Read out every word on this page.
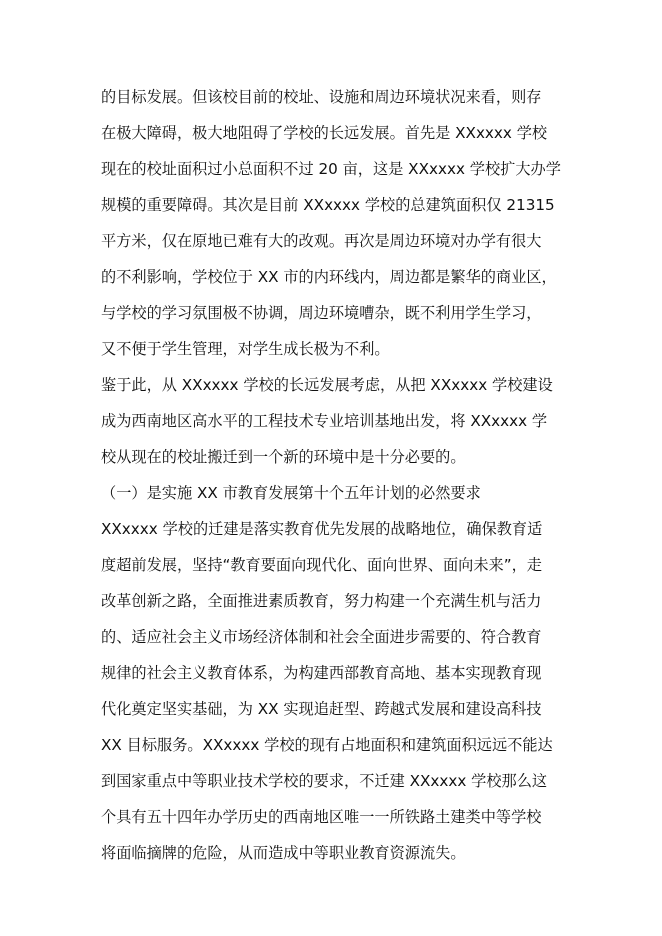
的目标发展。但该校目前的校址、设施和周边环境状况来看，则存
在极大障碍，极大地阻碍了学校的长远发展。首先是 XXxxxx 学校
现在的校址面积过小总面积不过 20 亩，这是 XXxxxx 学校扩大办学
规模的重要障碍。其次是目前 XXxxxx 学校的总建筑面积仅 21315
平方米，仅在原地已难有大的改观。再次是周边环境对办学有很大
的不利影响，学校位于 XX 市的内环线内，周边都是繁华的商业区，
与学校的学习氛围极不协调，周边环境嘈杂，既不利用学生学习，
又不便于学生管理，对学生成长极为不利。
鉴于此，从 XXxxxx 学校的长远发展考虑，从把 XXxxxx 学校建设
成为西南地区高水平的工程技术专业培训基地出发，将 XXxxxx 学
校从现在的校址搬迁到一个新的环境中是十分必要的。
（一）是实施 XX 市教育发展第十个五年计划的必然要求
XXxxxx 学校的迁建是落实教育优先发展的战略地位，确保教育适
度超前发展，坚持“教育要面向现代化、面向世界、面向未来”，走
改革创新之路，全面推进素质教育，努力构建一个充满生机与活力
的、适应社会主义市场经济体制和社会全面进步需要的、符合教育
规律的社会主义教育体系，为构建西部教育高地、基本实现教育现
代化奠定坚实基础，为 XX 实现追赶型、跨越式发展和建设高科技
XX 目标服务。XXxxxx 学校的现有占地面积和建筑面积远远不能达
到国家重点中等职业技术学校的要求，不迁建 XXxxxx 学校那么这
个具有五十四年办学历史的西南地区唯一一所铁路土建类中等学校
将面临摘牌的危险，从而造成中等职业教育资源流失。
